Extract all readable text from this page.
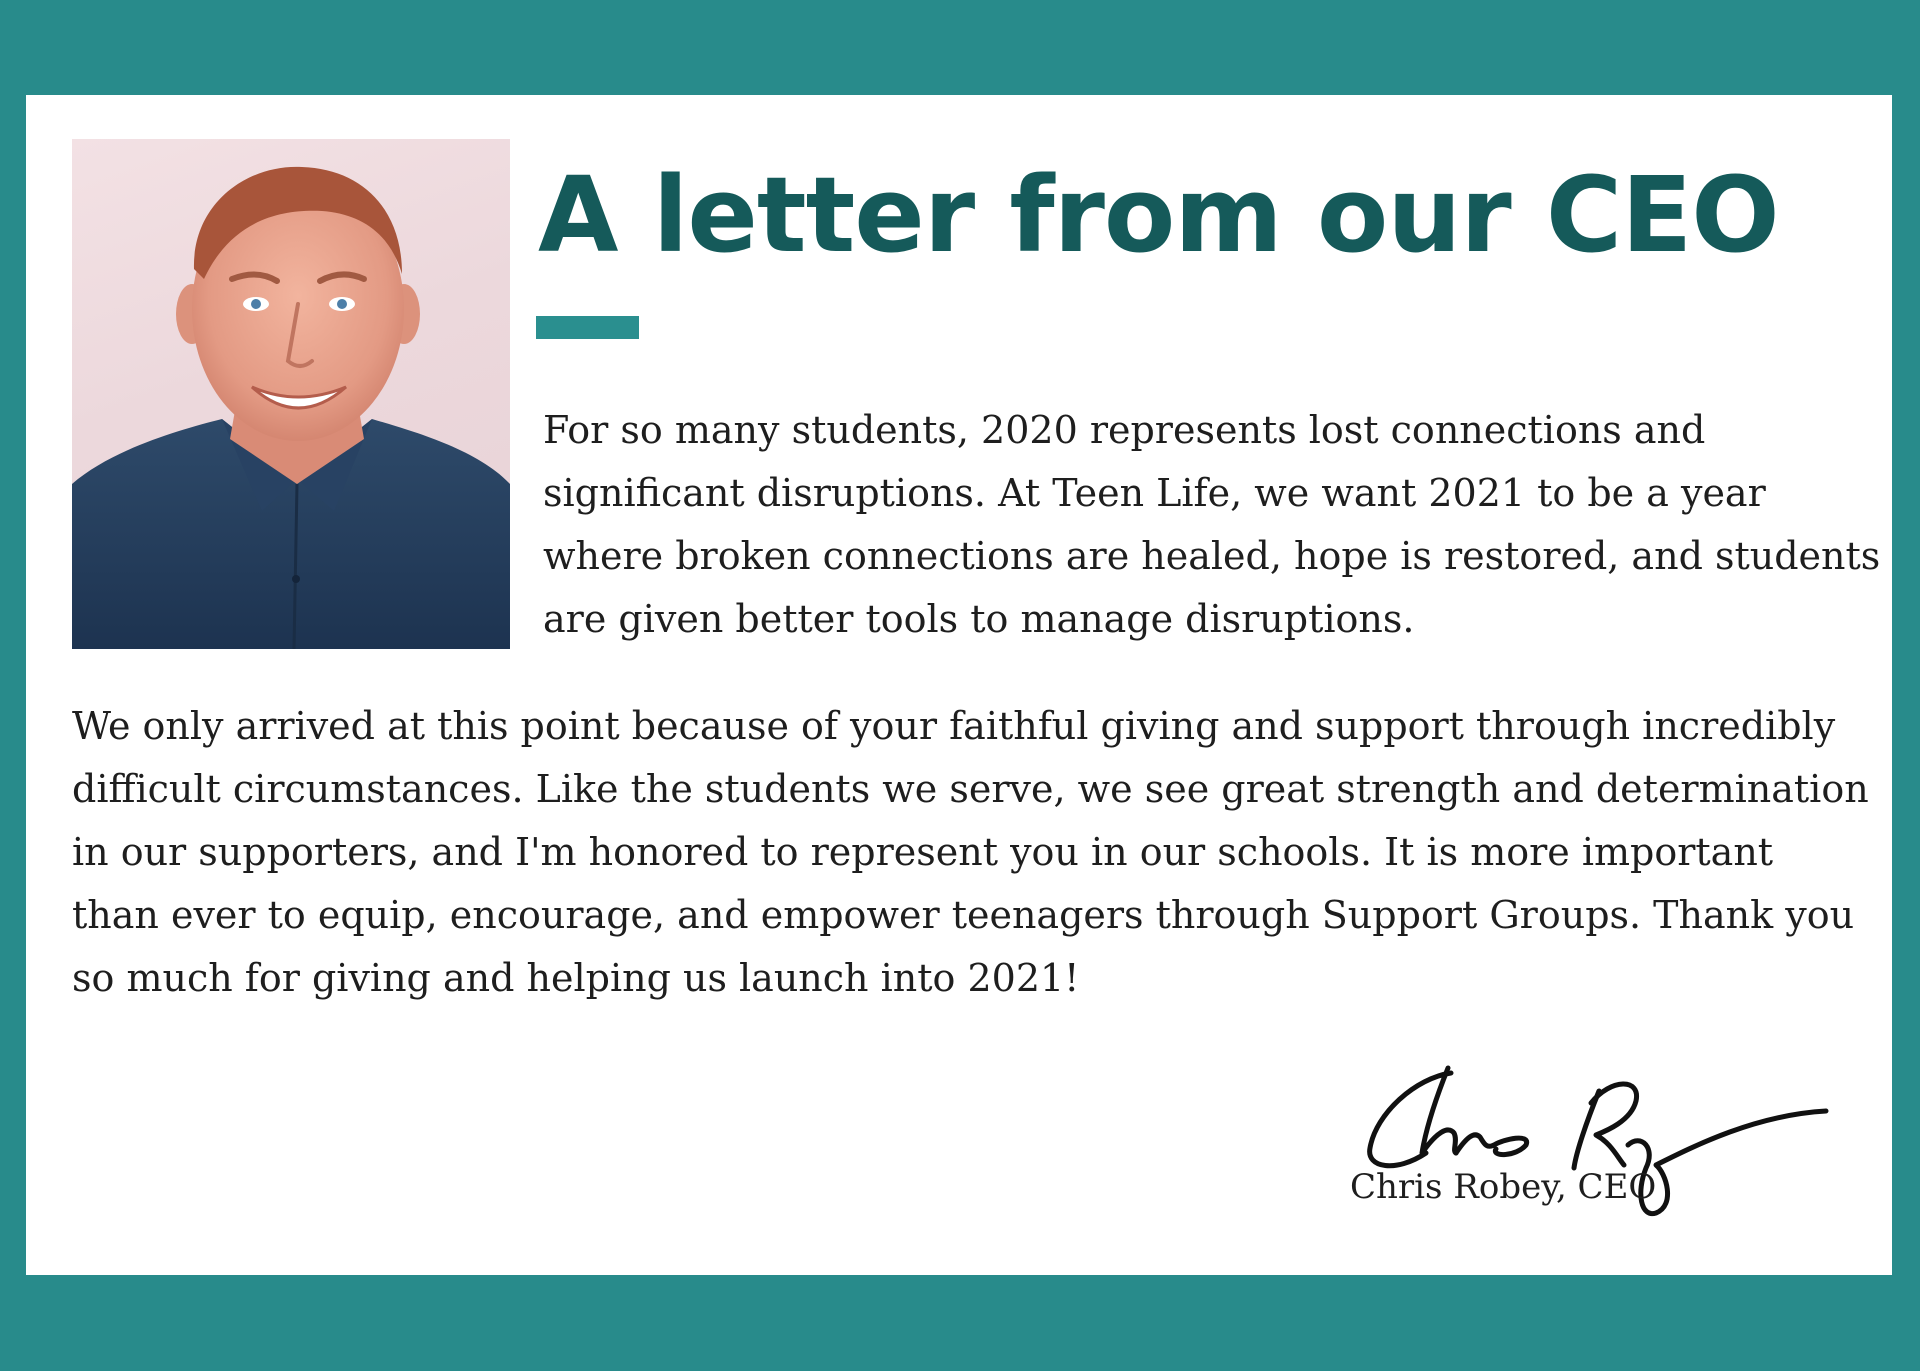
A letter from our CEO

For so many students, 2020 represents lost connections and significant disruptions. At Teen Life, we want 2021 to be a year where broken connections are healed, hope is restored, and students are given better tools to manage disruptions.

We only arrived at this point because of your faithful giving and support through incredibly difficult circumstances. Like the students we serve, we see great strength and determination in our supporters, and I'm honored to represent you in our schools. It is more important than ever to equip, encourage, and empower teenagers through Support Groups. Thank you so much for giving and helping us launch into 2021!

Chris Robey, CEO
